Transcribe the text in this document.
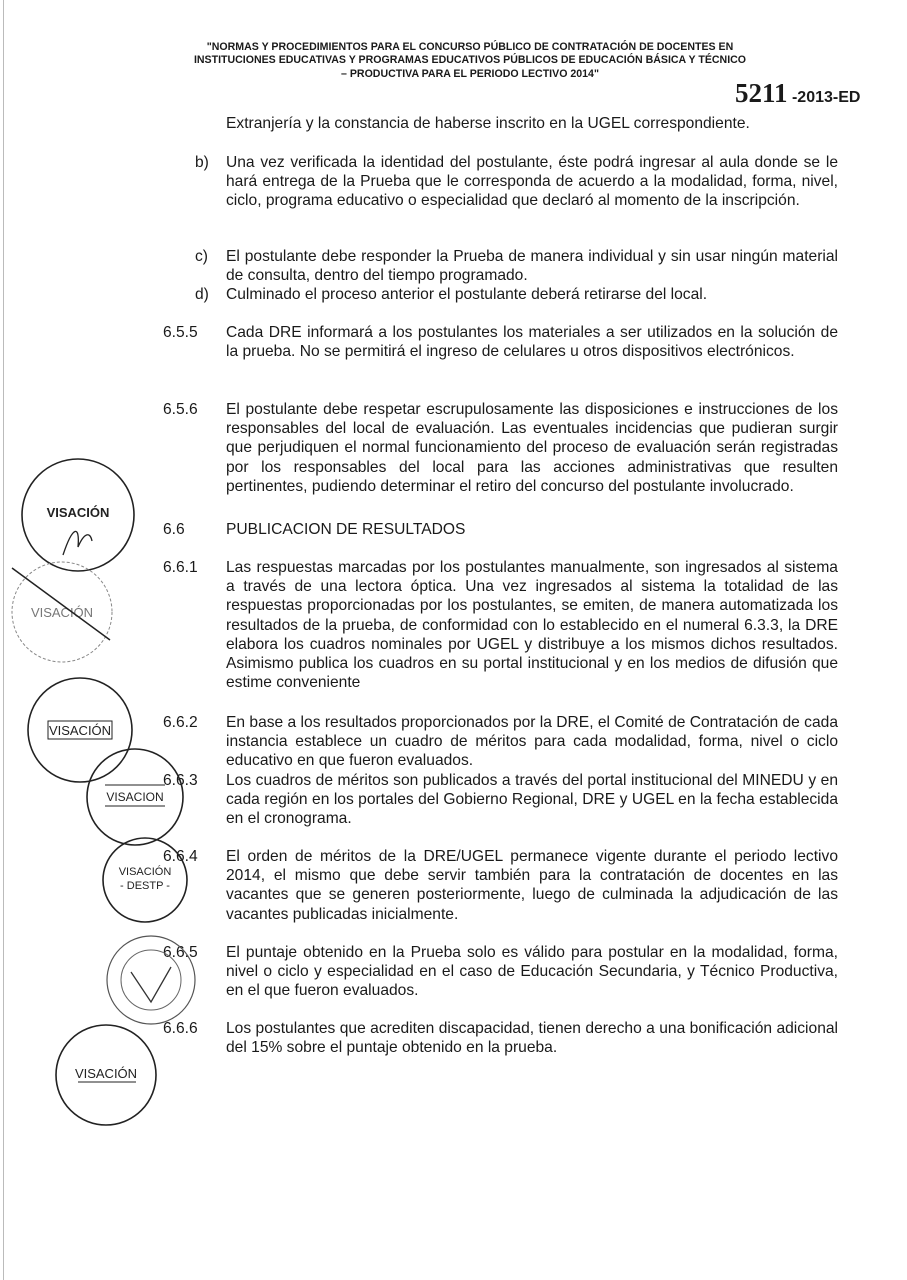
"NORMAS Y PROCEDIMIENTOS PARA EL CONCURSO PÚBLICO DE CONTRATACIÓN DE DOCENTES EN
INSTITUCIONES EDUCATIVAS Y PROGRAMAS EDUCATIVOS PÚBLICOS DE EDUCACIÓN BÁSICA Y TÉCNICO
– PRODUCTIVA PARA EL PERIODO LECTIVO 2014"
5211 -2013-ED
Extranjería y la constancia de haberse inscrito en la UGEL correspondiente.
b) Una vez verificada la identidad del postulante, éste podrá ingresar al aula donde se le hará entrega de la Prueba que le corresponda de acuerdo a la modalidad, forma, nivel, ciclo, programa educativo o especialidad que declaró al momento de la inscripción.
c) El postulante debe responder la Prueba de manera individual y sin usar ningún material de consulta, dentro del tiempo programado.
d) Culminado el proceso anterior el postulante deberá retirarse del local.
6.5.5 Cada DRE informará a los postulantes los materiales a ser utilizados en la solución de la prueba. No se permitirá el ingreso de celulares u otros dispositivos electrónicos.
6.5.6 El postulante debe respetar escrupulosamente las disposiciones e instrucciones de los responsables del local de evaluación. Las eventuales incidencias que pudieran surgir que perjudiquen el normal funcionamiento del proceso de evaluación serán registradas por los responsables del local para las acciones administrativas que resulten pertinentes, pudiendo determinar el retiro del concurso del postulante involucrado.
6.6	PUBLICACION DE RESULTADOS
6.6.1 Las respuestas marcadas por los postulantes manualmente, son ingresados al sistema a través de una lectora óptica. Una vez ingresados al sistema la totalidad de las respuestas proporcionadas por los postulantes, se emiten, de manera automatizada los resultados de la prueba, de conformidad con lo establecido en el numeral 6.3.3, la DRE elabora los cuadros nominales por UGEL y distribuye a los mismos dichos resultados. Asimismo publica los cuadros en su portal institucional y en los medios de difusión que estime conveniente
6.6.2 En base a los resultados proporcionados por la DRE, el Comité de Contratación de cada instancia establece un cuadro de méritos para cada modalidad, forma, nivel o ciclo educativo en que fueron evaluados.
6.6.3 Los cuadros de méritos son publicados a través del portal institucional del MINEDU y en cada región en los portales del Gobierno Regional, DRE y UGEL en la fecha establecida en el cronograma.
6.6.4 El orden de méritos de la DRE/UGEL permanece vigente durante el periodo lectivo 2014, el mismo que debe servir también para la contratación de docentes en las vacantes que se generen posteriormente, luego de culminada la adjudicación de las vacantes publicadas inicialmente.
6.6.5 El puntaje obtenido en la Prueba solo es válido para postular en la modalidad, forma, nivel o ciclo y especialidad en el caso de Educación Secundaria, y Técnico Productiva, en el que fueron evaluados.
6.6.6 Los postulantes que acrediten discapacidad, tienen derecho a una bonificación adicional del 15% sobre el puntaje obtenido en la prueba.
VISACIÓN
VISACIÓN
VISACIÓN
VISACION
VISACIÓN
- DESTP -
VISACIÓN
